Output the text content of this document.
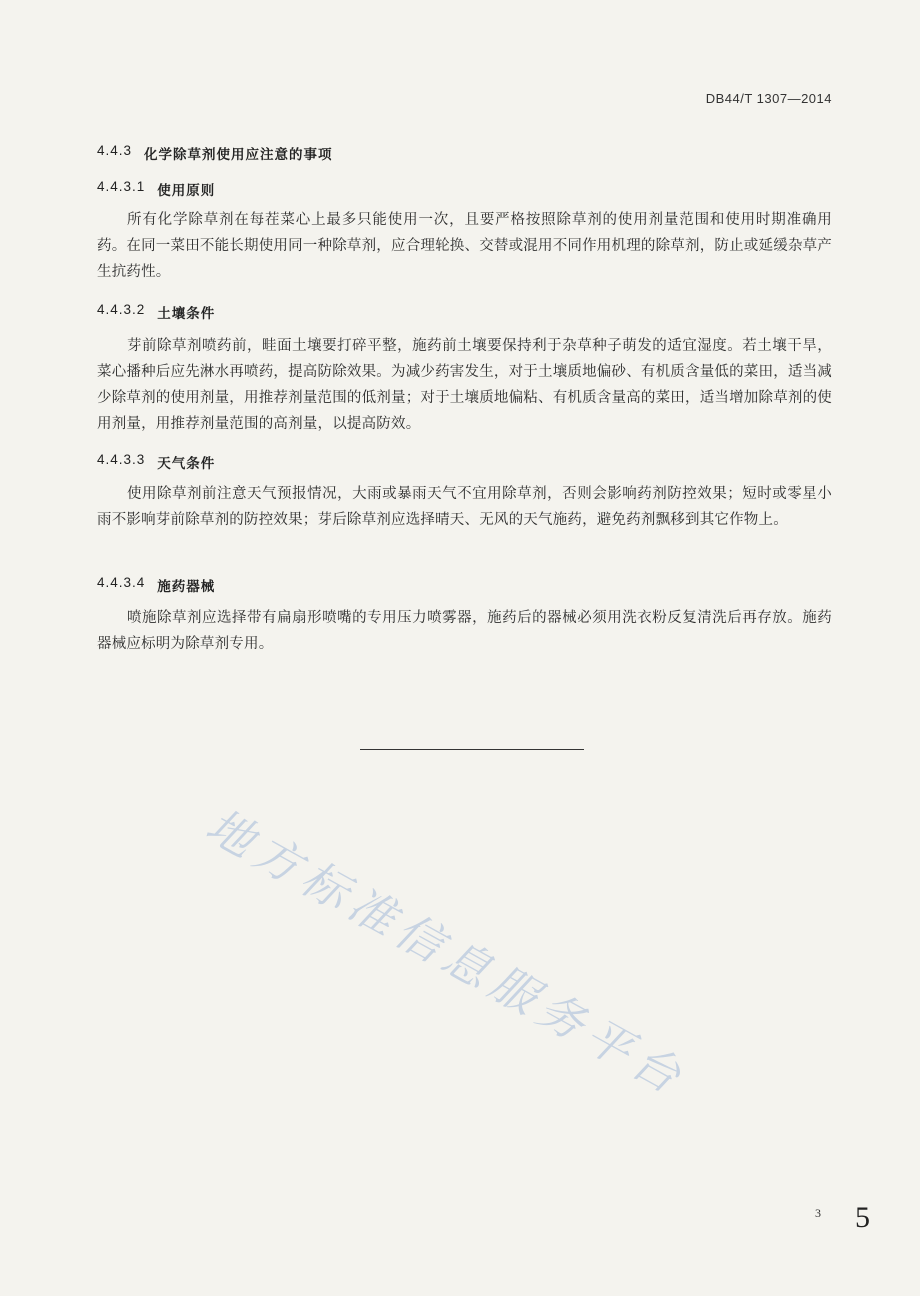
DB44/T 1307—2014
4.4.3 化学除草剂使用应注意的事项
4.4.3.1 使用原则

所有化学除草剂在每茬菜心上最多只能使用一次，且要严格按照除草剂的使用剂量范围和使用时期准确用药。在同一菜田不能长期使用同一种除草剂，应合理轮换、交替或混用不同作用机理的除草剂，防止或延缓杂草产生抗药性。

4.4.3.2 土壤条件

芽前除草剂喷药前，畦面土壤要打碎平整，施药前土壤要保持利于杂草种子萌发的适宜湿度。若土壤干旱，菜心播种后应先淋水再喷药，提高防除效果。为减少药害发生，对于土壤质地偏砂、有机质含量低的菜田，适当减少除草剂的使用剂量，用推荐剂量范围的低剂量；对于土壤质地偏粘、有机质含量高的菜田，适当增加除草剂的使用剂量，用推荐剂量范围的高剂量，以提高防效。

4.4.3.3 天气条件

使用除草剂前注意天气预报情况，大雨或暴雨天气不宜用除草剂，否则会影响药剂防控效果；短时或零星小雨不影响芽前除草剂的防控效果；芽后除草剂应选择晴天、无风的天气施药，避免药剂飘移到其它作物上。

4.4.3.4 施药器械

喷施除草剂应选择带有扁扇形喷嘴的专用压力喷雾器，施药后的器械必须用洗衣粉反复清洗后再存放。施药器械应标明为除草剂专用。

地方标准信息服务平台
3 5
